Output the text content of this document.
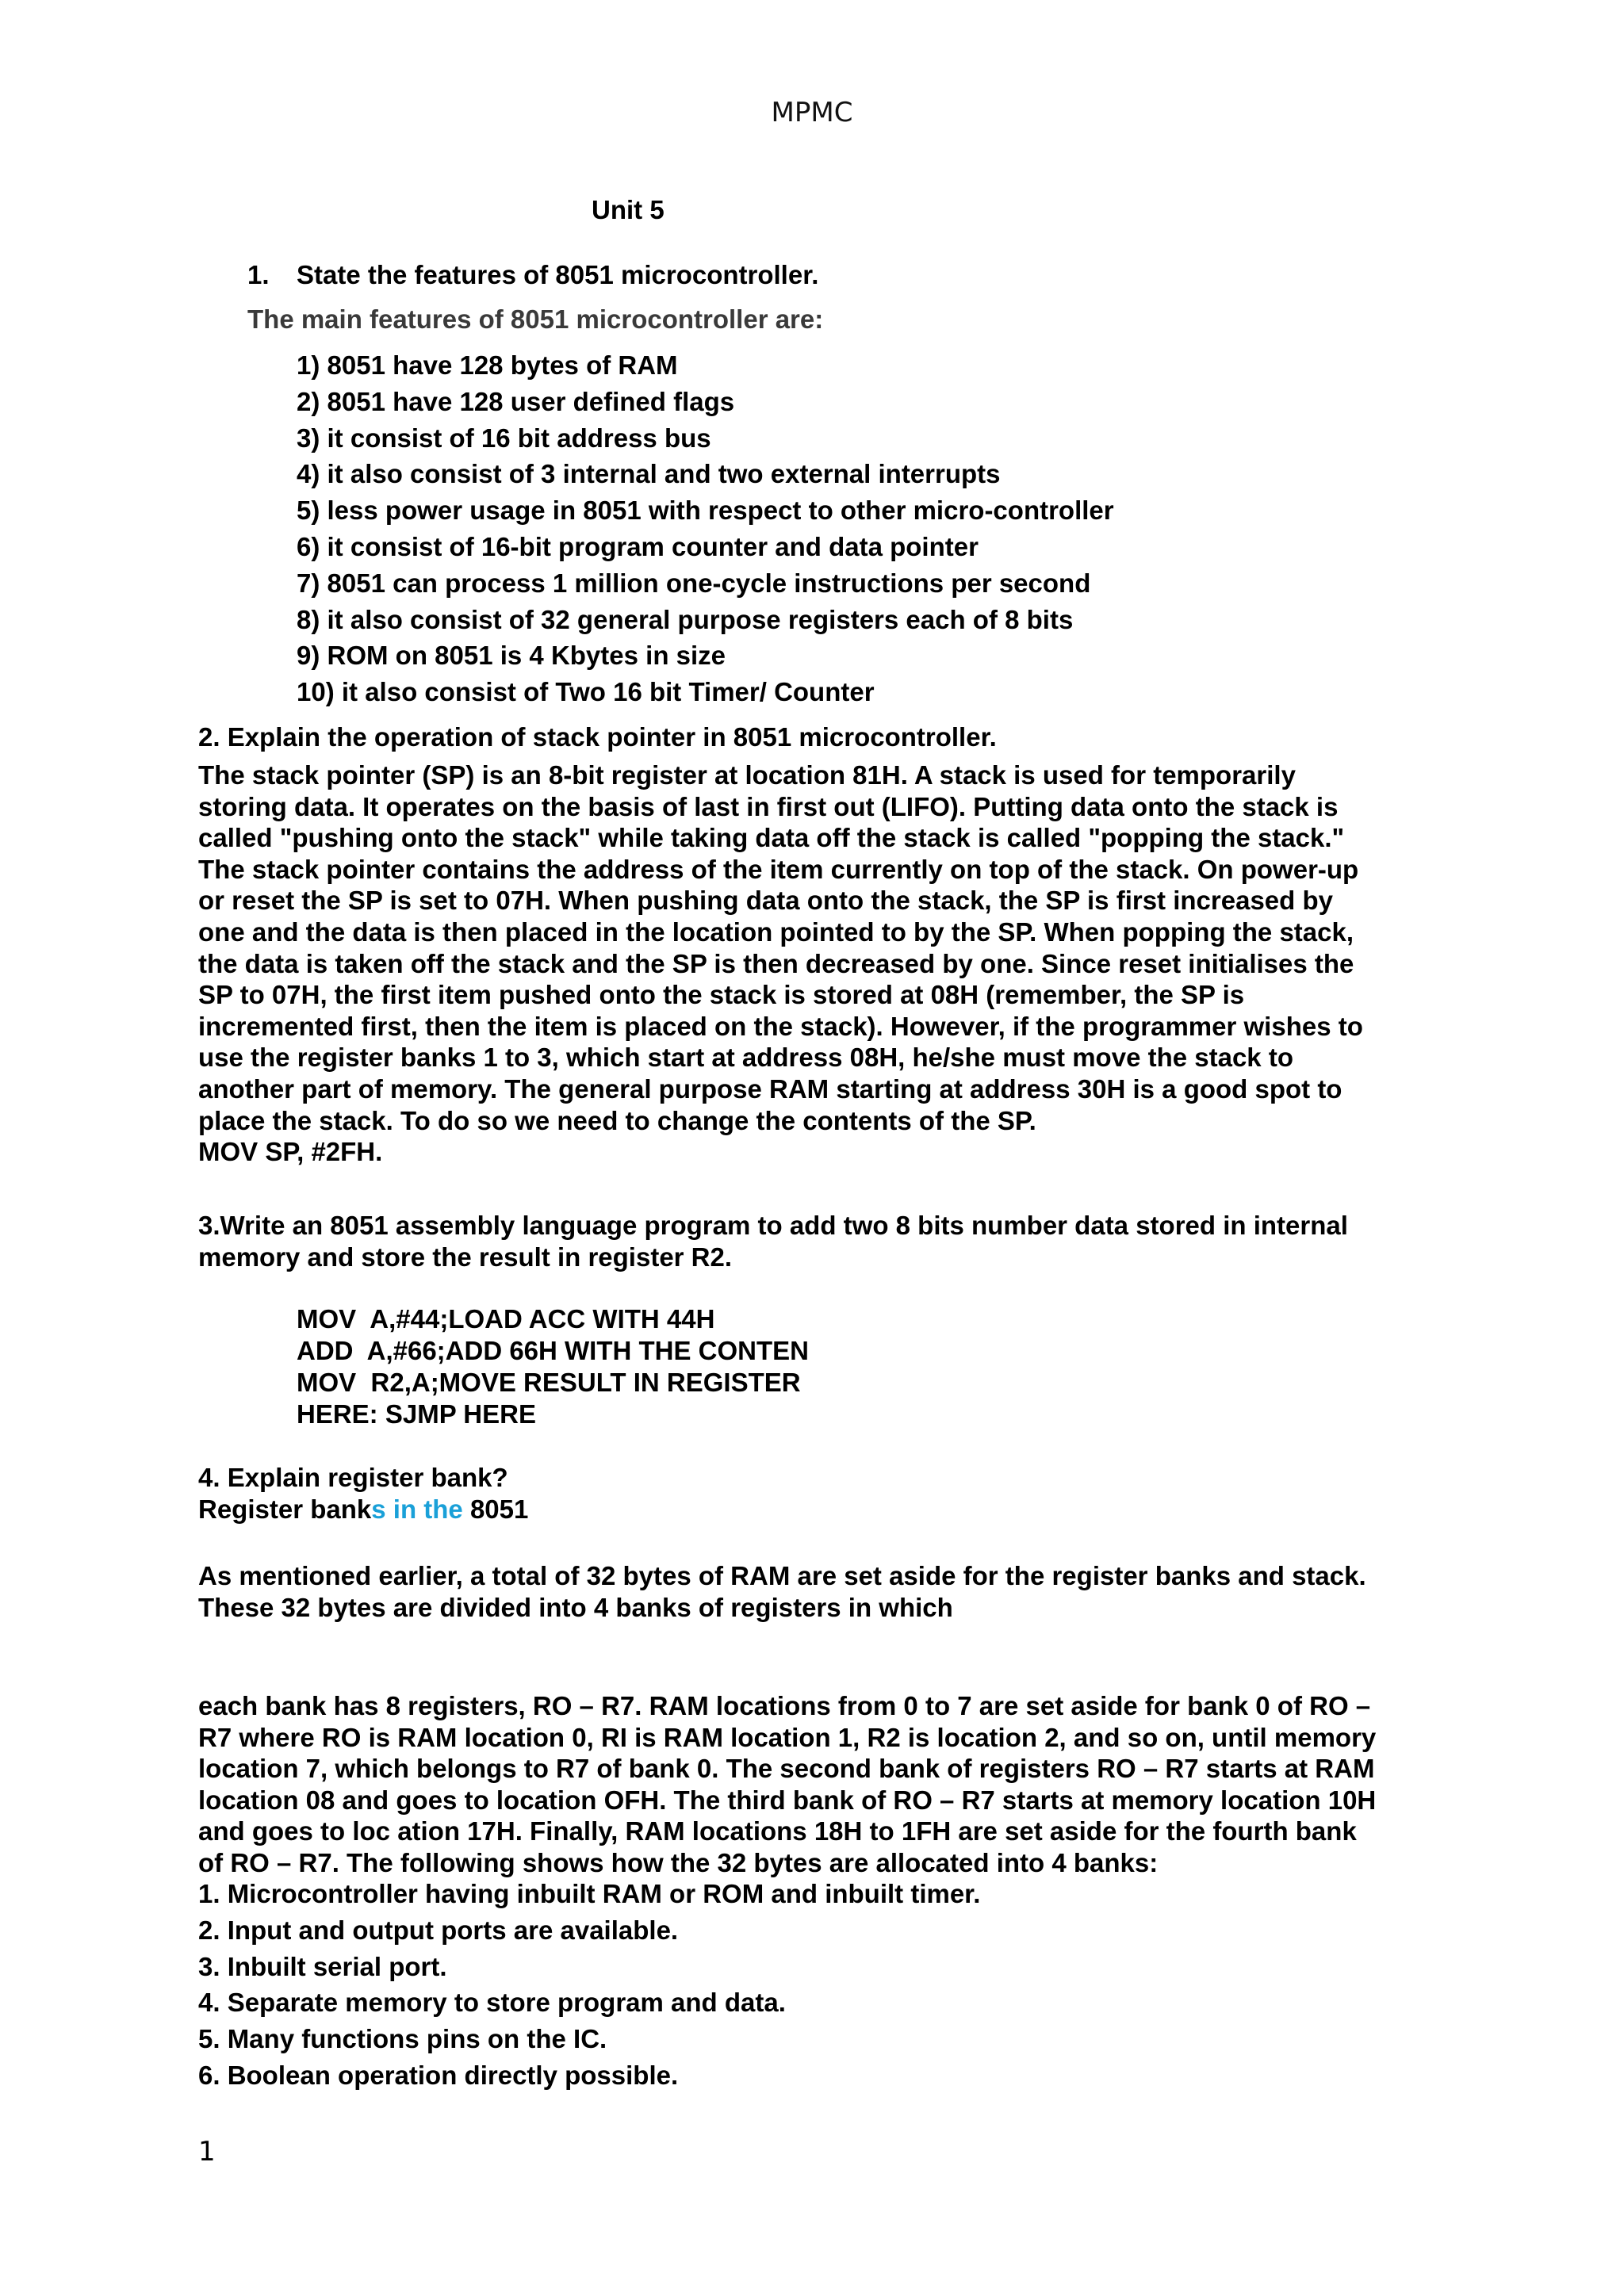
MPMC
Unit 5
1. State the features of 8051 microcontroller.
The main features of 8051 microcontroller are:
1) 8051 have 128 bytes of RAM
2) 8051 have 128 user defined flags
3) it consist of 16 bit address bus
4) it also consist of 3 internal and two external interrupts
5) less power usage in 8051 with respect to other micro-controller
6) it consist of 16-bit program counter and data pointer
7) 8051 can process 1 million one-cycle instructions per second
8) it also consist of 32 general purpose registers each of 8 bits
9) ROM on 8051 is 4 Kbytes in size
10) it also consist of Two 16 bit Timer/ Counter
2. Explain the operation of stack pointer in 8051 microcontroller.
The stack pointer (SP) is an 8-bit register at location 81H. A stack is used for temporarily
storing data. It operates on the basis of last in first out (LIFO). Putting data onto the stack is
called "pushing onto the stack" while taking data off the stack is called "popping the stack."
The stack pointer contains the address of the item currently on top of the stack. On power-up
or reset the SP is set to 07H. When pushing data onto the stack, the SP is first increased by
one and the data is then placed in the location pointed to by the SP. When popping the stack,
the data is taken off the stack and the SP is then decreased by one. Since reset initialises the
SP to 07H, the first item pushed onto the stack is stored at 08H (remember, the SP is
incremented first, then the item is placed on the stack). However, if the programmer wishes to
use the register banks 1 to 3, which start at address 08H, he/she must move the stack to
another part of memory. The general purpose RAM starting at address 30H is a good spot to
place the stack. To do so we need to change the contents of the SP.
MOV SP, #2FH.
3.Write an 8051 assembly language program to add two 8 bits number data stored in internal
memory and store the result in register R2.
MOV  A,#44;LOAD ACC WITH 44H
ADD  A,#66;ADD 66H WITH THE CONTEN
MOV  R2,A;MOVE RESULT IN REGISTER
HERE: SJMP HERE
4. Explain register bank?
Register banks in the 8051
As mentioned earlier, a total of 32 bytes of RAM are set aside for the register banks and stack.
These 32 bytes are divided into 4 banks of registers in which
each bank has 8 registers, RO – R7. RAM locations from 0 to 7 are set aside for bank 0 of RO –
R7 where RO is RAM location 0, RI is RAM location 1, R2 is location 2, and so on, until memory
location 7, which belongs to R7 of bank 0. The second bank of registers RO – R7 starts at RAM
location 08 and goes to location OFH. The third bank of RO – R7 starts at memory location 10H
and goes to loc ation 17H. Finally, RAM locations 18H to 1FH are set aside for the fourth bank
of RO – R7. The following shows how the 32 bytes are allocated into 4 banks:
1. Microcontroller having inbuilt RAM or ROM and inbuilt timer.
2. Input and output ports are available.
3. Inbuilt serial port.
4. Separate memory to store program and data.
5. Many functions pins on the IC.
6. Boolean operation directly possible.
1
